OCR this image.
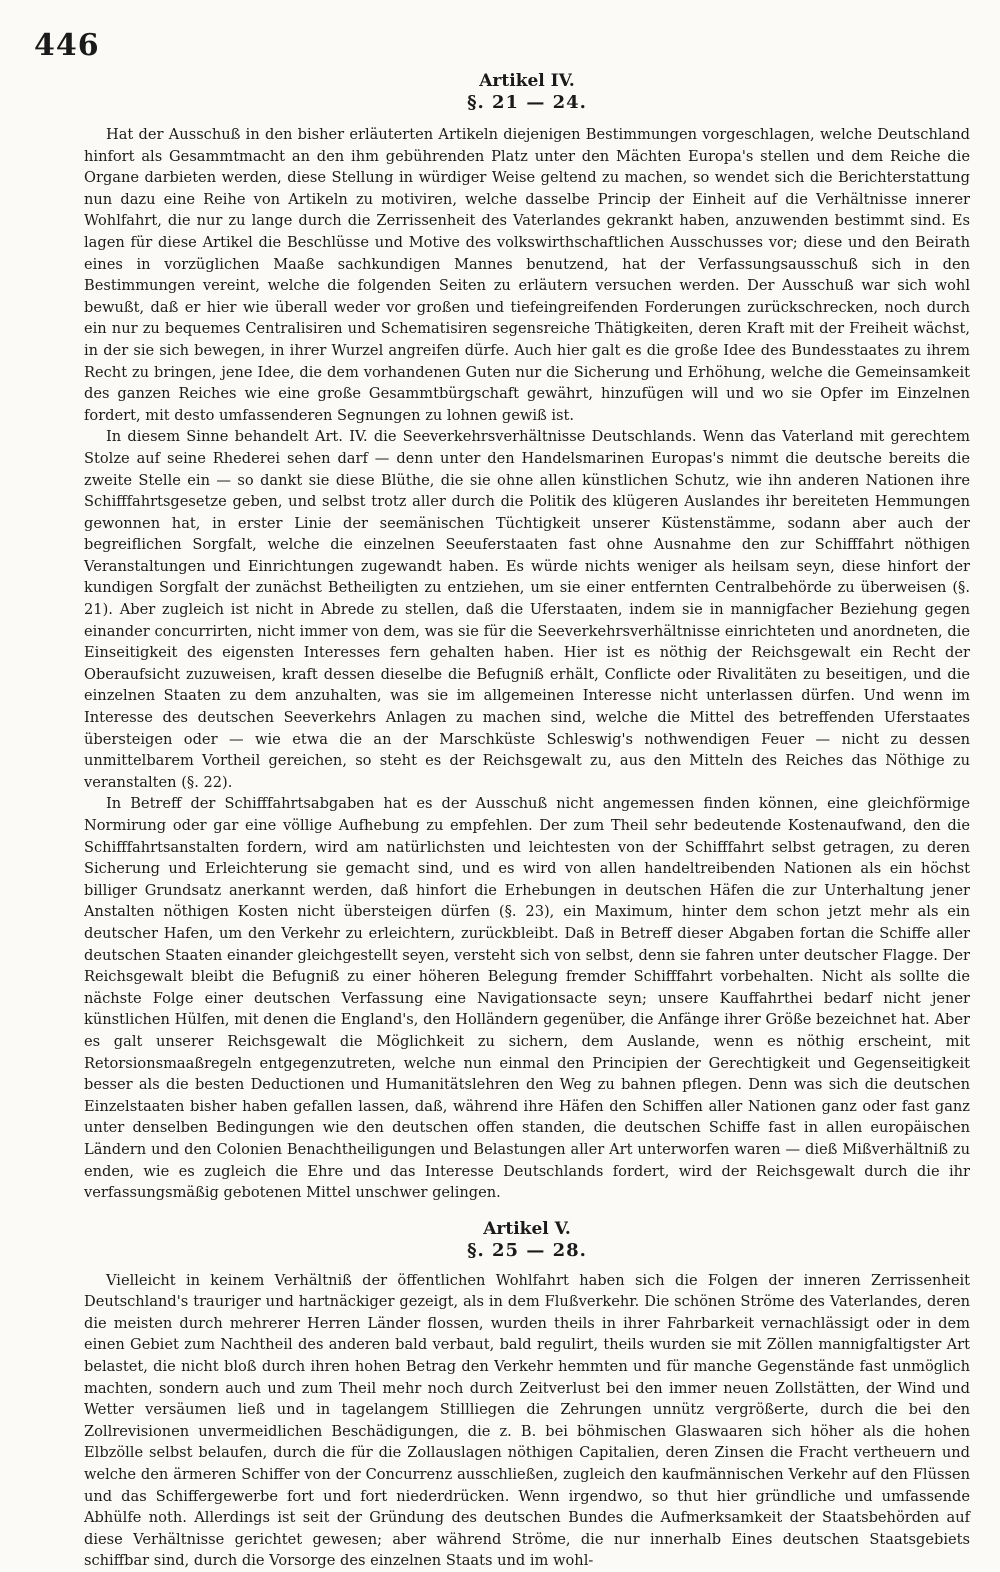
446
Artikel IV.
§. 21 — 24.

Hat der Ausschuß in den bisher erläuterten Artikeln diejenigen Bestimmungen vorgeschlagen, welche Deutschland hinfort als Gesammtmacht an den ihm gebührenden Platz unter den Mächten Europa's stellen und dem Reiche die Organe darbieten werden, diese Stellung in würdiger Weise geltend zu machen, so wendet sich die Berichterstattung nun dazu eine Reihe von Artikeln zu motiviren, welche dasselbe Princip der Einheit auf die Verhältnisse innerer Wohlfahrt, die nur zu lange durch die Zerrissenheit des Vaterlandes gekrankt haben, anzuwenden bestimmt sind. Es lagen für diese Artikel die Beschlüsse und Motive des volkswirthschaftlichen Ausschusses vor; diese und den Beirath eines in vorzüglichen Maaße sachkundigen Mannes benutzend, hat der Verfassungsausschuß sich in den Bestimmungen vereint, welche die folgenden Seiten zu erläutern versuchen werden. Der Ausschuß war sich wohl bewußt, daß er hier wie überall weder vor großen und tiefeingreifenden Forderungen zurückschrecken, noch durch ein nur zu bequemes Centralisiren und Schematisiren segensreiche Thätigkeiten, deren Kraft mit der Freiheit wächst, in der sie sich bewegen, in ihrer Wurzel angreifen dürfe. Auch hier galt es die große Idee des Bundesstaates zu ihrem Recht zu bringen, jene Idee, die dem vorhandenen Guten nur die Sicherung und Erhöhung, welche die Gemeinsamkeit des ganzen Reiches wie eine große Gesammtbürgschaft gewährt, hinzufügen will und wo sie Opfer im Einzelnen fordert, mit desto umfassenderen Segnungen zu lohnen gewiß ist.

In diesem Sinne behandelt Art. IV. die Seeverkehrsverhältnisse Deutschlands. Wenn das Vaterland mit gerechtem Stolze auf seine Rhederei sehen darf — denn unter den Handelsmarinen Europas's nimmt die deutsche bereits die zweite Stelle ein — so dankt sie diese Blüthe, die sie ohne allen künstlichen Schutz, wie ihn anderen Nationen ihre Schifffahrtsgesetze geben, und selbst trotz aller durch die Politik des klügeren Auslandes ihr bereiteten Hemmungen gewonnen hat, in erster Linie der seemänischen Tüchtigkeit unserer Küstenstämme, sodann aber auch der begreiflichen Sorgfalt, welche die einzelnen Seeuferstaaten fast ohne Ausnahme den zur Schifffahrt nöthigen Veranstaltungen und Einrichtungen zugewandt haben. Es würde nichts weniger als heilsam seyn, diese hinfort der kundigen Sorgfalt der zunächst Betheiligten zu entziehen, um sie einer entfernten Centralbehörde zu überweisen (§. 21). Aber zugleich ist nicht in Abrede zu stellen, daß die Uferstaaten, indem sie in mannigfacher Beziehung gegen einander concurrirten, nicht immer von dem, was sie für die Seeverkehrsverhältnisse einrichteten und anordneten, die Einseitigkeit des eigensten Interesses fern gehalten haben. Hier ist es nöthig der Reichsgewalt ein Recht der Oberaufsicht zuzuweisen, kraft dessen dieselbe die Befugniß erhält, Conflicte oder Rivalitäten zu beseitigen, und die einzelnen Staaten zu dem anzuhalten, was sie im allgemeinen Interesse nicht unterlassen dürfen. Und wenn im Interesse des deutschen Seeverkehrs Anlagen zu machen sind, welche die Mittel des betreffenden Uferstaates übersteigen oder — wie etwa die an der Marschküste Schleswig's nothwendigen Feuer — nicht zu dessen unmittelbarem Vortheil gereichen, so steht es der Reichsgewalt zu, aus den Mitteln des Reiches das Nöthige zu veranstalten (§. 22).

In Betreff der Schifffahrtsabgaben hat es der Ausschuß nicht angemessen finden können, eine gleichförmige Normirung oder gar eine völlige Aufhebung zu empfehlen. Der zum Theil sehr bedeutende Kostenaufwand, den die Schifffahrtsanstalten fordern, wird am natürlichsten und leichtesten von der Schifffahrt selbst getragen, zu deren Sicherung und Erleichterung sie gemacht sind, und es wird von allen handeltreibenden Nationen als ein höchst billiger Grundsatz anerkannt werden, daß hinfort die Erhebungen in deutschen Häfen die zur Unterhaltung jener Anstalten nöthigen Kosten nicht übersteigen dürfen (§. 23), ein Maximum, hinter dem schon jetzt mehr als ein deutscher Hafen, um den Verkehr zu erleichtern, zurückbleibt. Daß in Betreff dieser Abgaben fortan die Schiffe aller deutschen Staaten einander gleichgestellt seyen, versteht sich von selbst, denn sie fahren unter deutscher Flagge. Der Reichsgewalt bleibt die Befugniß zu einer höheren Belegung fremder Schifffahrt vorbehalten. Nicht als sollte die nächste Folge einer deutschen Verfassung eine Navigationsacte seyn; unsere Kauffahrthei bedarf nicht jener künstlichen Hülfen, mit denen die England's, den Holländern gegenüber, die Anfänge ihrer Größe bezeichnet hat. Aber es galt unserer Reichsgewalt die Möglichkeit zu sichern, dem Auslande, wenn es nöthig erscheint, mit Retorsionsmaaßregeln entgegenzutreten, welche nun einmal den Principien der Gerechtigkeit und Gegenseitigkeit besser als die besten Deductionen und Humanitätslehren den Weg zu bahnen pflegen. Denn was sich die deutschen Einzelstaaten bisher haben gefallen lassen, daß, während ihre Häfen den Schiffen aller Nationen ganz oder fast ganz unter denselben Bedingungen wie den deutschen offen standen, die deutschen Schiffe fast in allen europäischen Ländern und den Colonien Benachtheiligungen und Belastungen aller Art unterworfen waren — dieß Mißverhältniß zu enden, wie es zugleich die Ehre und das Interesse Deutschlands fordert, wird der Reichsgewalt durch die ihr verfassungsmäßig gebotenen Mittel unschwer gelingen.

Artikel V.
§. 25 — 28.

Vielleicht in keinem Verhältniß der öffentlichen Wohlfahrt haben sich die Folgen der inneren Zerrissenheit Deutschland's trauriger und hartnäckiger gezeigt, als in dem Flußverkehr. Die schönen Ströme des Vaterlandes, deren die meisten durch mehrerer Herren Länder flossen, wurden theils in ihrer Fahrbarkeit vernachlässigt oder in dem einen Gebiet zum Nachtheil des anderen bald verbaut, bald regulirt, theils wurden sie mit Zöllen mannigfaltigster Art belastet, die nicht bloß durch ihren hohen Betrag den Verkehr hemmten und für manche Gegenstände fast unmöglich machten, sondern auch und zum Theil mehr noch durch Zeitverlust bei den immer neuen Zollstätten, der Wind und Wetter versäumen ließ und in tagelangem Stillliegen die Zehrungen unnütz vergrößerte, durch die bei den Zollrevisionen unvermeidlichen Beschädigungen, die z. B. bei böhmischen Glaswaaren sich höher als die hohen Elbzölle selbst belaufen, durch die für die Zollauslagen nöthigen Capitalien, deren Zinsen die Fracht vertheuern und welche den ärmeren Schiffer von der Concurrenz ausschließen, zugleich den kaufmännischen Verkehr auf den Flüssen und das Schiffergewerbe fort und fort niederdrücken. Wenn irgendwo, so thut hier gründliche und umfassende Abhülfe noth. Allerdings ist seit der Gründung des deutschen Bundes die Aufmerksamkeit der Staatsbehörden auf diese Verhältnisse gerichtet gewesen; aber während Ströme, die nur innerhalb Eines deutschen Staatsgebiets schiffbar sind, durch die Vorsorge des einzelnen Staats und im wohl-
